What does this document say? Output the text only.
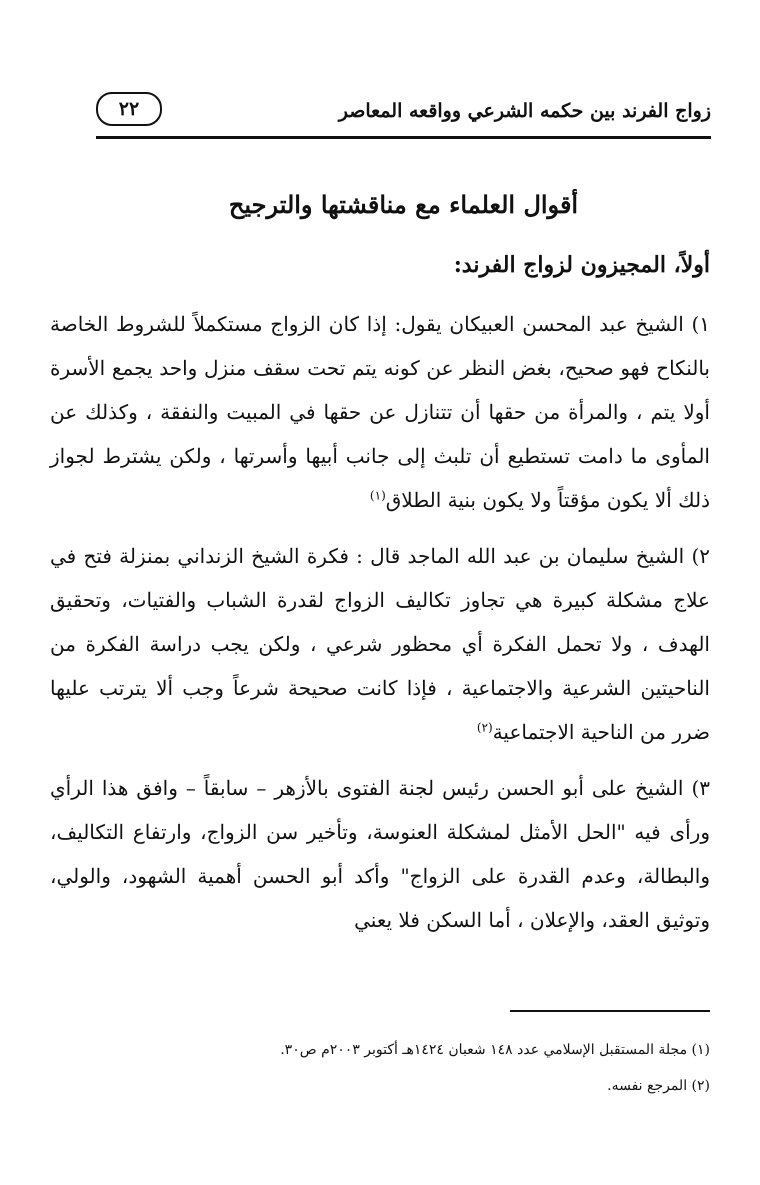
٢٢	زواج الفرند بين حكمه الشرعي وواقعه المعاصر
أقوال العلماء مع مناقشتها والترجيح
أولاً، المجيزون لزواج الفرند:

١) الشيخ عبد المحسن العبيكان يقول: إذا كان الزواج مستكملاً للشروط الخاصة بالنكاح فهو صحيح، بغض النظر عن كونه يتم تحت سقف منزل واحد يجمع الأسرة أولا يتم ، والمرأة من حقها أن تتنازل عن حقها في المبيت والنفقة ، وكذلك عن المأوى ما دامت تستطيع أن تلبث إلى جانب أبيها وأسرتها ، ولكن يشترط لجواز ذلك ألا يكون مؤقتاً ولا يكون بنية الطلاق$^{(١)}$

٢) الشيخ سليمان بن عبد الله الماجد قال : فكرة الشيخ الزنداني بمنزلة فتح في علاج مشكلة كبيرة هي تجاوز تكاليف الزواج لقدرة الشباب والفتيات، وتحقيق الهدف ، ولا تحمل الفكرة أي محظور شرعي ، ولكن يجب دراسة الفكرة من الناحيتين الشرعية والاجتماعية ، فإذا كانت صحيحة شرعاً وجب ألا يترتب عليها ضرر من الناحية الاجتماعية$^{(٢)}$

٣) الشيخ على أبو الحسن رئيس لجنة الفتوى بالأزهر – سابقاً – وافق هذا الرأي ورأى فيه "الحل الأمثل لمشكلة العنوسة، وتأخير سن الزواج، وارتفاع التكاليف، والبطالة، وعدم القدرة على الزواج" وأكد أبو الحسن أهمية الشهود، والولي، وتوثيق العقد، والإعلان ، أما السكن فلا يعني

(١) مجلة المستقبل الإسلامي عدد ١٤٨ شعبان ١٤٢٤هـ أكتوبر ٢٠٠٣م ص٣٠.
(٢) المرجع نفسه.
